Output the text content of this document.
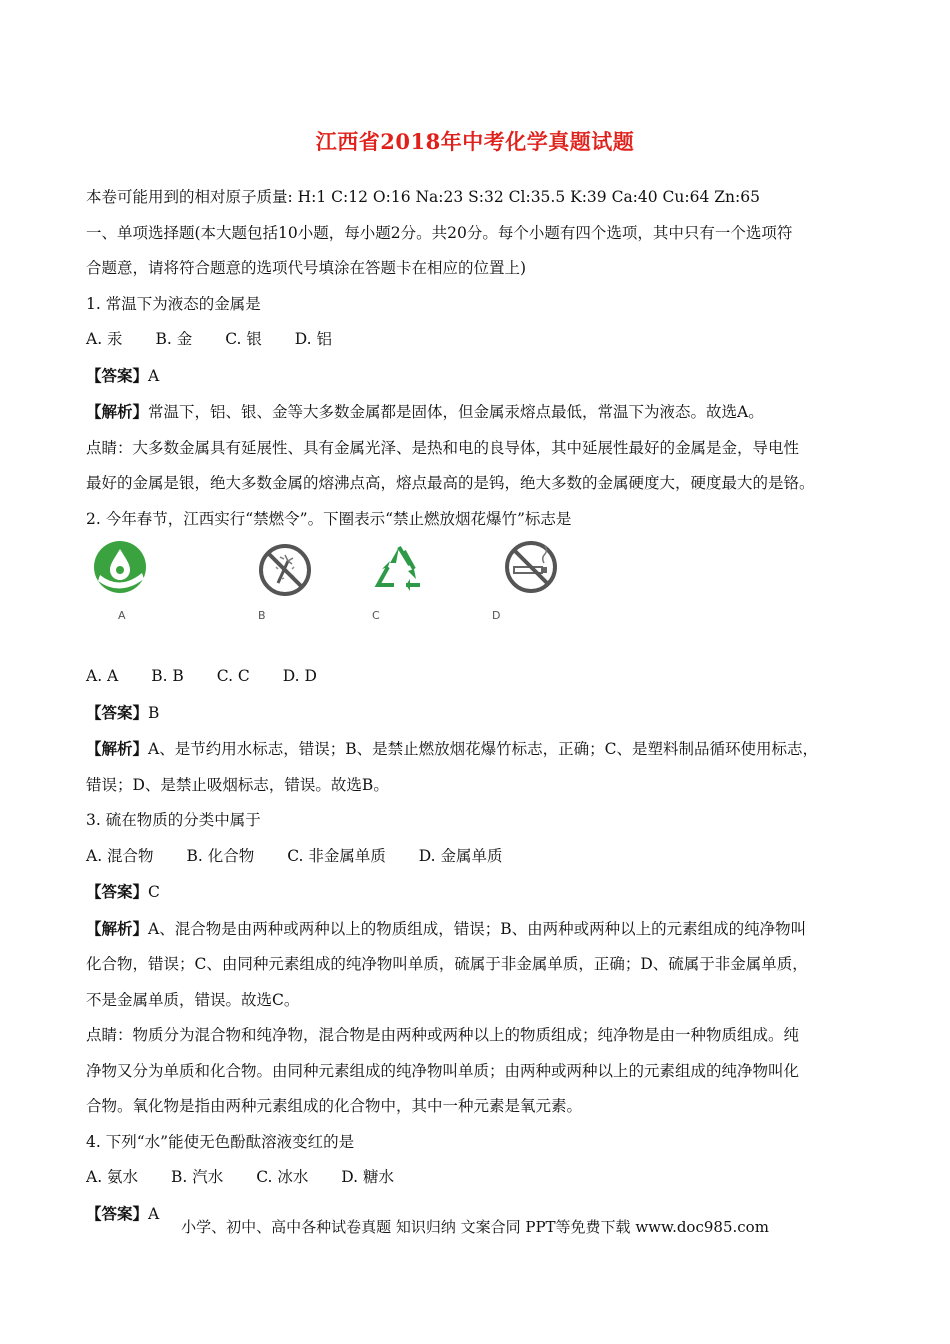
江西省2018年中考化学真题试题
本卷可能用到的相对原子质量: H:1 C:12 O:16 Na:23 S:32 Cl:35.5 K:39 Ca:40 Cu:64 Zn:65
一、单项选择题(本大题包括10小题，每小题2分。共20分。每个小题有四个选项，其中只有一个选项符
合题意，请将符合题意的选项代号填涂在答题卡在相应的位置上)
1. 常温下为液态的金属是
A. 汞 B. 金 C. 银 D. 铝
【答案】A
【解析】常温下，铝、银、金等大多数金属都是固体，但金属汞熔点最低，常温下为液态。故选A。
点睛：大多数金属具有延展性、具有金属光泽、是热和电的良导体，其中延展性最好的金属是金，导电性
最好的金属是银，绝大多数金属的熔沸点高，熔点最高的是钨，绝大多数的金属硬度大，硬度最大的是铬。
2. 今年春节，江西实行“禁燃令”。下圈表示“禁止燃放烟花爆竹”标志是
A	B	C	D
A. A B. B C. C D. D
【答案】B
【解析】A、是节约用水标志，错误；B、是禁止燃放烟花爆竹标志，正确；C、是塑料制品循环使用标志，
错误；D、是禁止吸烟标志，错误。故选B。
3. 硫在物质的分类中属于
A. 混合物 B. 化合物 C. 非金属单质 D. 金属单质
【答案】C
【解析】A、混合物是由两种或两种以上的物质组成，错误；B、由两种或两种以上的元素组成的纯净物叫
化合物，错误；C、由同种元素组成的纯净物叫单质，硫属于非金属单质，正确；D、硫属于非金属单质，
不是金属单质，错误。故选C。
点睛：物质分为混合物和纯净物，混合物是由两种或两种以上的物质组成；纯净物是由一种物质组成。纯
净物又分为单质和化合物。由同种元素组成的纯净物叫单质；由两种或两种以上的元素组成的纯净物叫化
合物。氧化物是指由两种元素组成的化合物中，其中一种元素是氧元素。
4. 下列“水”能使无色酚酞溶液变红的是
A. 氨水 B. 汽水 C. 冰水 D. 糖水
【答案】A
小学、初中、高中各种试卷真题 知识归纳 文案合同 PPT等免费下载 www.doc985.com
